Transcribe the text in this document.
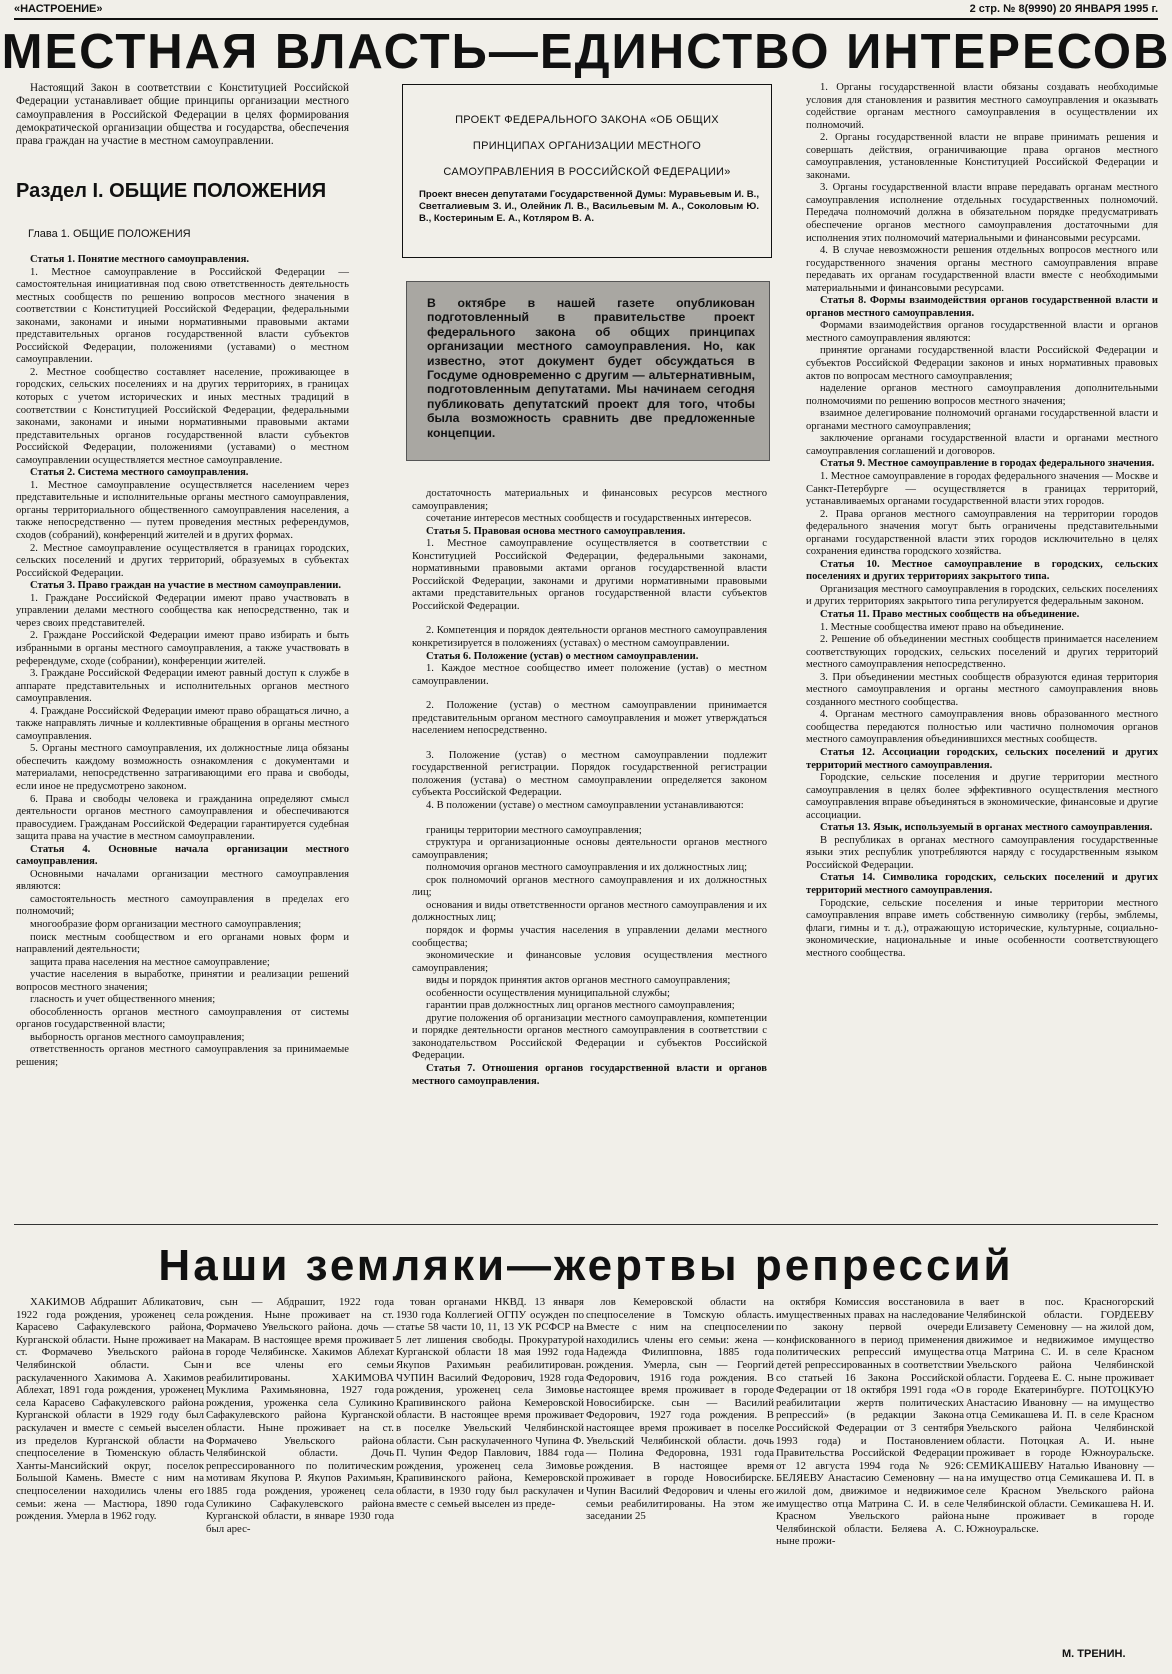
«НАСТРОЕНИЕ»	2 стр. № 8(9990) 20 ЯНВАРЯ 1995 г.
МЕСТНАЯ ВЛАСТЬ—ЕДИНСТВО ИНТЕРЕСОВ

Настоящий Закон в соответствии с Конституцией Российской Федерации устанавливает общие принципы организации местного самоуправления в Российской Федерации в целях формирования демократической организации общества и государства, обеспечения права граждан на участие в местном самоуправлении.

Раздел I. ОБЩИЕ ПОЛОЖЕНИЯ
Глава 1. ОБЩИЕ ПОЛОЖЕНИЯ

Статья 1. Понятие местного самоуправления.

1. Местное самоуправление в Российской Федерации — самостоятельная инициативная под свою ответственность деятельность местных сообществ по решению вопросов местного значения в соответствии с Конституцией Российской Федерации, федеральными законами, законами и иными нормативными правовыми актами представительных органов государственной власти субъектов Российской Федерации, положениями (уставами) о местном самоуправлении.

2. Местное сообщество составляет население, проживающее в городских, сельских поселениях и на других территориях, в границах которых с учетом исторических и иных местных традиций в соответствии с Конституцией Российской Федерации, федеральными законами, законами и иными нормативными правовыми актами представительных органов государственной власти субъектов Российской Федерации, положениями (уставами) о местном самоуправлении осуществляется местное самоуправление.

Статья 2. Система местного самоуправления.

1. Местное самоуправление осуществляется населением через представительные и исполнительные органы местного самоуправления, органы территориального общественного самоуправления населения, а также непосредственно — путем проведения местных референдумов, сходов (собраний), конференций жителей и в других формах.

2. Местное самоуправление осуществляется в границах городских, сельских поселений и других территорий, образуемых в субъектах Российской Федерации.

Статья 3. Право граждан на участие в местном самоуправлении.

1. Граждане Российской Федерации имеют право участвовать в управлении делами местного сообщества как непосредственно, так и через своих представителей.

2. Граждане Российской Федерации имеют право избирать и быть избранными в органы местного самоуправления, а также участвовать в референдуме, сходе (собрании), конференции жителей.

3. Граждане Российской Федерации имеют равный доступ к службе в аппарате представительных и исполнительных органов местного самоуправления.

4. Граждане Российской Федерации имеют право обращаться лично, а также направлять личные и коллективные обращения в органы местного самоуправления.

5. Органы местного самоуправления, их должностные лица обязаны обеспечить каждому возможность ознакомления с документами и материалами, непосредственно затрагивающими его права и свободы, если иное не предусмотрено законом.

6. Права и свободы человека и гражданина определяют смысл деятельности органов местного самоуправления и обеспечиваются правосудием. Гражданам Российской Федерации гарантируется судебная защита права на участие в местном самоуправлении.

Статья 4. Основные начала организации местного самоуправления.

Основными началами организации местного самоуправления являются:

самостоятельность местного самоуправления в пределах его полномочий;

многообразие форм организации местного самоуправления;

поиск местным сообществом и его органами новых форм и направлений деятельности;

защита права населения на местное самоуправление;

участие населения в выработке, принятии и реализации решений вопросов местного значения;

гласность и учет общественного мнения;

обособленность органов местного самоуправления от системы органов государственной власти;

выборность органов местного самоуправления;

ответственность органов местного самоуправления за принимаемые решения;

ПРОЕКТ ФЕДЕРАЛЬНОГО ЗАКОНА «ОБ ОБЩИХ
ПРИНЦИПАХ ОРГАНИЗАЦИИ МЕСТНОГО
САМОУПРАВЛЕНИЯ В РОССИЙСКОЙ ФЕДЕРАЦИИ»
Проект внесен депутатами Государственной Думы: Муравьевым И. В., Светгалиевым З. И., Олейник Л. В., Васильевым М. А., Соколовым Ю. В., Костериным Е. А., Котляром В. А.
В октябре в нашей газете опубликован подготовленный в правительстве проект федерального закона об общих принципах организации местного самоуправления. Но, как известно, этот документ будет обсуждаться в Госдуме одновременно с другим — альтернативным, подготовленным депутатами. Мы начинаем сегодня публиковать депутатский проект для того, чтобы была возможность сравнить две предложенные концепции.

достаточность материальных и финансовых ресурсов местного самоуправления;

сочетание интересов местных сообществ и государственных интересов.

Статья 5. Правовая основа местного самоуправления.

1. Местное самоуправление осуществляется в соответствии с Конституцией Российской Федерации, федеральными законами, нормативными правовыми актами органов государственной власти Российской Федерации, законами и другими нормативными правовыми актами представительных органов государственной власти субъектов Российской Федерации.

2. Компетенция и порядок деятельности органов местного самоуправления конкретизируется в положениях (уставах) о местном самоуправлении.

Статья 6. Положение (устав) о местном самоуправлении.

1. Каждое местное сообщество имеет положение (устав) о местном самоуправлении.

2. Положение (устав) о местном самоуправлении принимается представительным органом местного самоуправления и может утверждаться населением непосредственно.

3. Положение (устав) о местном самоуправлении подлежит государственной регистрации. Порядок государственной регистрации положения (устава) о местном самоуправлении определяется законом субъекта Российской Федерации.

4. В положении (уставе) о местном самоуправлении устанавливаются:

границы территории местного самоуправления;

структура и организационные основы деятельности органов местного самоуправления;

полномочия органов местного самоуправления и их должностных лиц;

срок полномочий органов местного самоуправления и их должностных лиц;

основания и виды ответственности органов местного самоуправления и их должностных лиц;

порядок и формы участия населения в управлении делами местного сообщества;

экономические и финансовые условия осуществления местного самоуправления;

виды и порядок принятия актов органов местного самоуправления;

особенности осуществления муниципальной службы;

гарантии прав должностных лиц органов местного самоуправления;

другие положения об организации местного самоуправления, компетенции и порядке деятельности органов местного самоуправления в соответствии с законодательством Российской Федерации и субъектов Российской Федерации.

Статья 7. Отношения органов государственной власти и органов местного самоуправления.

1. Органы государственной власти обязаны создавать необходимые условия для становления и развития местного самоуправления и оказывать содействие органам местного самоуправления в осуществлении их полномочий.

2. Органы государственной власти не вправе принимать решения и совершать действия, ограничивающие права органов местного самоуправления, установленные Конституцией Российской Федерации и законами.

3. Органы государственной власти вправе передавать органам местного самоуправления исполнение отдельных государственных полномочий. Передача полномочий должна в обязательном порядке предусматривать обеспечение органов местного самоуправления достаточными для исполнения этих полномочий материальными и финансовыми ресурсами.

4. В случае невозможности решения отдельных вопросов местного или государственного значения органы местного самоуправления вправе передавать их органам государственной власти вместе с необходимыми материальными и финансовыми ресурсами.

Статья 8. Формы взаимодействия органов государственной власти и органов местного самоуправления.

Формами взаимодействия органов государственной власти и органов местного самоуправления являются:

принятие органами государственной власти Российской Федерации и субъектов Российской Федерации законов и иных нормативных правовых актов по вопросам местного самоуправления;

наделение органов местного самоуправления дополнительными полномочиями по решению вопросов местного значения;

взаимное делегирование полномочий органами государственной власти и органами местного самоуправления;

заключение органами государственной власти и органами местного самоуправления соглашений и договоров.

Статья 9. Местное самоуправление в городах федерального значения.

1. Местное самоуправление в городах федерального значения — Москве и Санкт-Петербурге — осуществляется в границах территорий, устанавливаемых органами государственной власти этих городов.

2. Права органов местного самоуправления на территории городов федерального значения могут быть ограничены представительными органами государственной власти этих городов исключительно в целях сохранения единства городского хозяйства.

Статья 10. Местное самоуправление в городских, сельских поселениях и других территориях закрытого типа.

Организация местного самоуправления в городских, сельских поселениях и других территориях закрытого типа регулируется федеральным законом.

Статья 11. Право местных сообществ на объединение.

1. Местные сообщества имеют право на объединение.

2. Решение об объединении местных сообществ принимается населением соответствующих городских, сельских поселений и других территорий местного самоуправления непосредственно.

3. При объединении местных сообществ образуются единая территория местного самоуправления и органы местного самоуправления вновь созданного местного сообщества.

4. Органам местного самоуправления вновь образованного местного сообщества передаются полностью или частично полномочия органов местного самоуправления объединившихся местных сообществ.

Статья 12. Ассоциации городских, сельских поселений и других территорий местного самоуправления.

Городские, сельские поселения и другие территории местного самоуправления в целях более эффективного осуществления местного самоуправления вправе объединяться в экономические, финансовые и другие ассоциации.

Статья 13. Язык, используемый в органах местного самоуправления.

В республиках в органах местного самоуправления государственные языки этих республик употребляются наряду с государственным языком Российской Федерации.

Статья 14. Символика городских, сельских поселений и других территорий местного самоуправления.

Городские, сельские поселения и иные территории местного самоуправления вправе иметь собственную символику (гербы, эмблемы, флаги, гимны и т. д.), отражающую исторические, культурные, социально-экономические, национальные и иные особенности соответствующего местного сообщества.

Наши земляки—жертвы репрессий

ХАКИМОВ Абдрашит Абликатович, 1922 года рождения, уроженец села Карасево Сафакулевского района, Курганской области. Ныне проживает на ст. Формачево Увельского района Челябинской области. Сын раскулаченного Хакимова А. Хакимов Аблехат, 1891 года рождения, уроженец села Карасево Сафакулевского района Курганской области в 1929 году был раскулачен и вместе с семьей выселен из пределов Курганской области на спецпоселение в Тюменскую область Ханты-Мансийский округ, поселок Большой Камень. Вместе с ним на спецпоселении находились члены его семьи: жена — Мастюра, 1890 года рождения. Умерла в 1962 году.

сын — Абдрашит, 1922 года рождения. Ныне проживает на ст. Формачево Увельского района. дочь — Макарам. В настоящее время проживает в городе Челябинске. Хакимов Аблехат и все члены его семьи реабилитированы. ХАКИМОВА Муклима Рахимьяновна, 1927 года рождения, уроженка села Суликино Сафакулевского района Курганской области. Ныне проживает на ст. Формачево Увельского района Челябинской области. Дочь репрессированного по политическим мотивам Якупова Р. Якупов Рахимьян, 1885 года рождения, уроженец села Суликино Сафакулевского района Курганской области, в январе 1930 года был арес-

тован органами НКВД. 13 января 1930 года Коллегией ОГПУ осужден по статье 58 части 10, 11, 13 УК РСФСР на 5 лет лишения свободы. Прокуратурой Курганской области 18 мая 1992 года Якупов Рахимьян реабилитирован. ЧУПИН Василий Федорович, 1928 года рождения, уроженец села Зимовье Крапивинского района Кемеровской области. В настоящее время проживает в поселке Увельский Челябинской области. Сын раскулаченного Чупина Ф. П. Чупин Федор Павлович, 1884 года рождения, уроженец села Зимовье Крапивинского района, Кемеровской области, в 1930 году был раскулачен и вместе с семьей выселен из преде-

лов Кемеровской области на спецпоселение в Томскую область. Вместе с ним на спецпоселении находились члены его семьи: жена — Надежда Филипповна, 1885 года рождения. Умерла, сын — Георгий Федорович, 1916 года рождения. В настоящее время проживает в городе Новосибирске. сын — Василий Федорович, 1927 года рождения. В настоящее время проживает в поселке Увельский Челябинской области. дочь — Полина Федоровна, 1931 года рождения. В настоящее время проживает в городе Новосибирске. Чупин Василий Федорович и члены его семьи реабилитированы. На этом же заседании 25

октября Комиссия восстановила в имущественных правах на наследование по закону первой очереди конфискованного в период применения политических репрессий имущества детей репрессированных в соответствии со статьей 16 Закона Российской Федерации от 18 октября 1991 года «О реабилитации жертв политических репрессий» (в редакции Закона Российской Федерации от 3 сентября 1993 года) и Постановлением Правительства Российской Федерации от 12 августа 1994 года № 926: БЕЛЯЕВУ Анастасию Семеновну — на жилой дом, движимое и недвижимое имущество отца Матрина С. И. в селе Красном Увельского района Челябинской области. Беляева А. С. ныне прожи-

вает в пос. Красногорский Челябинской области. ГОРДЕЕВУ Елизавету Семеновну — на жилой дом, движимое и недвижимое имущество отца Матрина С. И. в селе Красном Увельского района Челябинской области. Гордеева Е. С. ныне проживает в городе Екатеринбурге. ПОТОЦКУЮ Анастасию Ивановну — на имущество отца Семикашева И. П. в селе Красном Увельского района Челябинской области. Потоцкая А. И. ныне проживает в городе Южноуральске. СЕМИКАШЕВУ Наталью Ивановну — на имущество отца Семикашева И. П. в селе Красном Увельского района Челябинской области. Семикашева Н. И. ныне проживает в городе Южноуральске.

М. ТРЕНИН.
